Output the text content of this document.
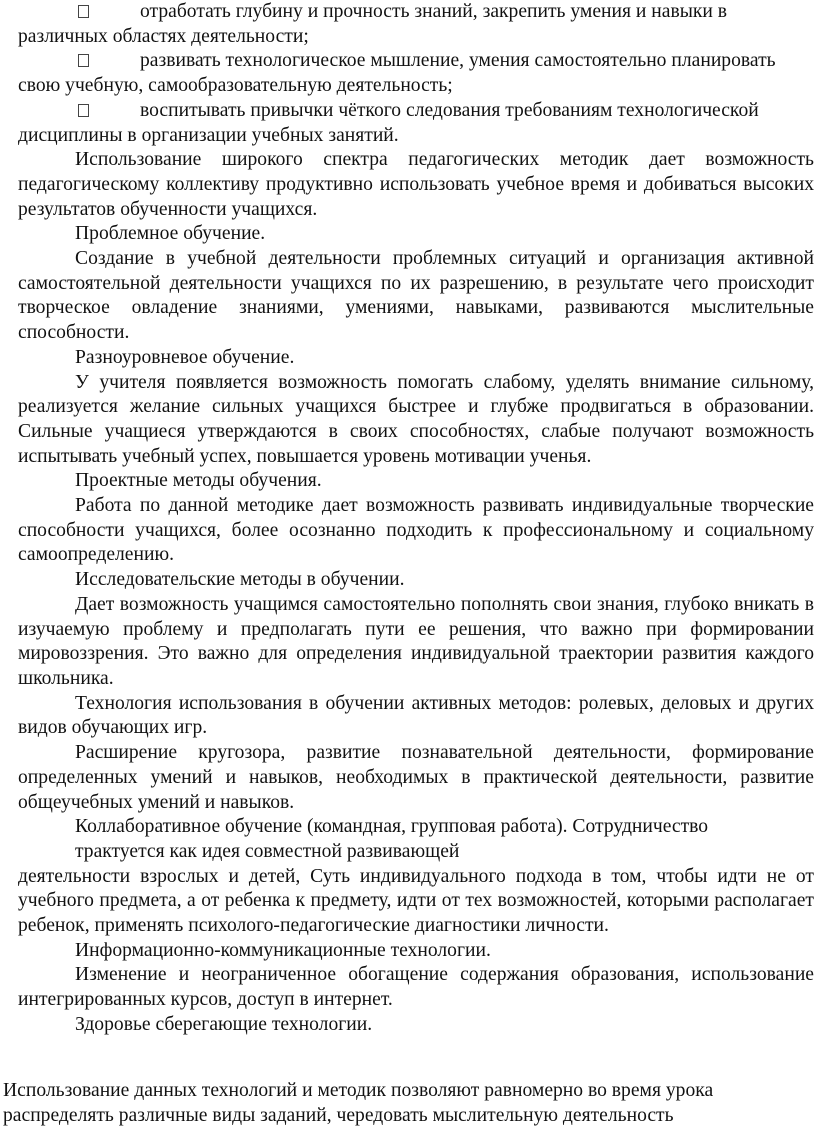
отработать глубину и прочность знаний, закрепить умения и навыки в различных областях деятельности;
развивать технологическое мышление, умения самостоятельно планировать свою учебную, самообразовательную деятельность;
воспитывать привычки чёткого следования требованиям технологической дисциплины в организации учебных занятий.
Использование широкого спектра педагогических методик дает возможность педагогическому коллективу продуктивно использовать учебное время и добиваться высоких результатов обученности учащихся.
Проблемное обучение.
Создание в учебной деятельности проблемных ситуаций и организация активной самостоятельной деятельности учащихся по их разрешению, в результате чего происходит творческое овладение знаниями, умениями, навыками, развиваются мыслительные способности.
Разноуровневое обучение.
У учителя появляется возможность помогать слабому, уделять внимание сильному, реализуется желание сильных учащихся быстрее и глубже продвигаться в образовании. Сильные учащиеся утверждаются в своих способностях, слабые получают возможность испытывать учебный успех, повышается уровень мотивации ученья.
Проектные методы обучения.
Работа по данной методике дает возможность развивать индивидуальные творческие способности учащихся, более осознанно подходить к профессиональному и социальному самоопределению.
Исследовательские методы в обучении.
Дает возможность учащимся самостоятельно пополнять свои знания, глубоко вникать в изучаемую проблему и предполагать пути ее решения, что важно при формировании мировоззрения. Это важно для определения индивидуальной траектории развития каждого школьника.
Технология использования в обучении активных методов: ролевых, деловых и других видов обучающих игр.
Расширение кругозора, развитие познавательной деятельности, формирование определенных умений и навыков, необходимых в практической деятельности, развитие общеучебных умений и навыков.
Коллаборативное обучение (командная, групповая работа). Сотрудничество
трактуется как идея совместной развивающей
деятельности взрослых и детей, Суть индивидуального подхода в том, чтобы идти не от учебного предмета, а от ребенка к предмету, идти от тех возможностей, которыми располагает ребенок, применять психолого-педагогические диагностики личности.
Информационно-коммуникационные технологии.
Изменение и неограниченное обогащение содержания образования, использование интегрированных курсов, доступ в интернет.
Здоровье сберегающие технологии.
Использование данных технологий и методик позволяют равномерно во время урока распределять различные виды заданий, чередовать мыслительную деятельность
